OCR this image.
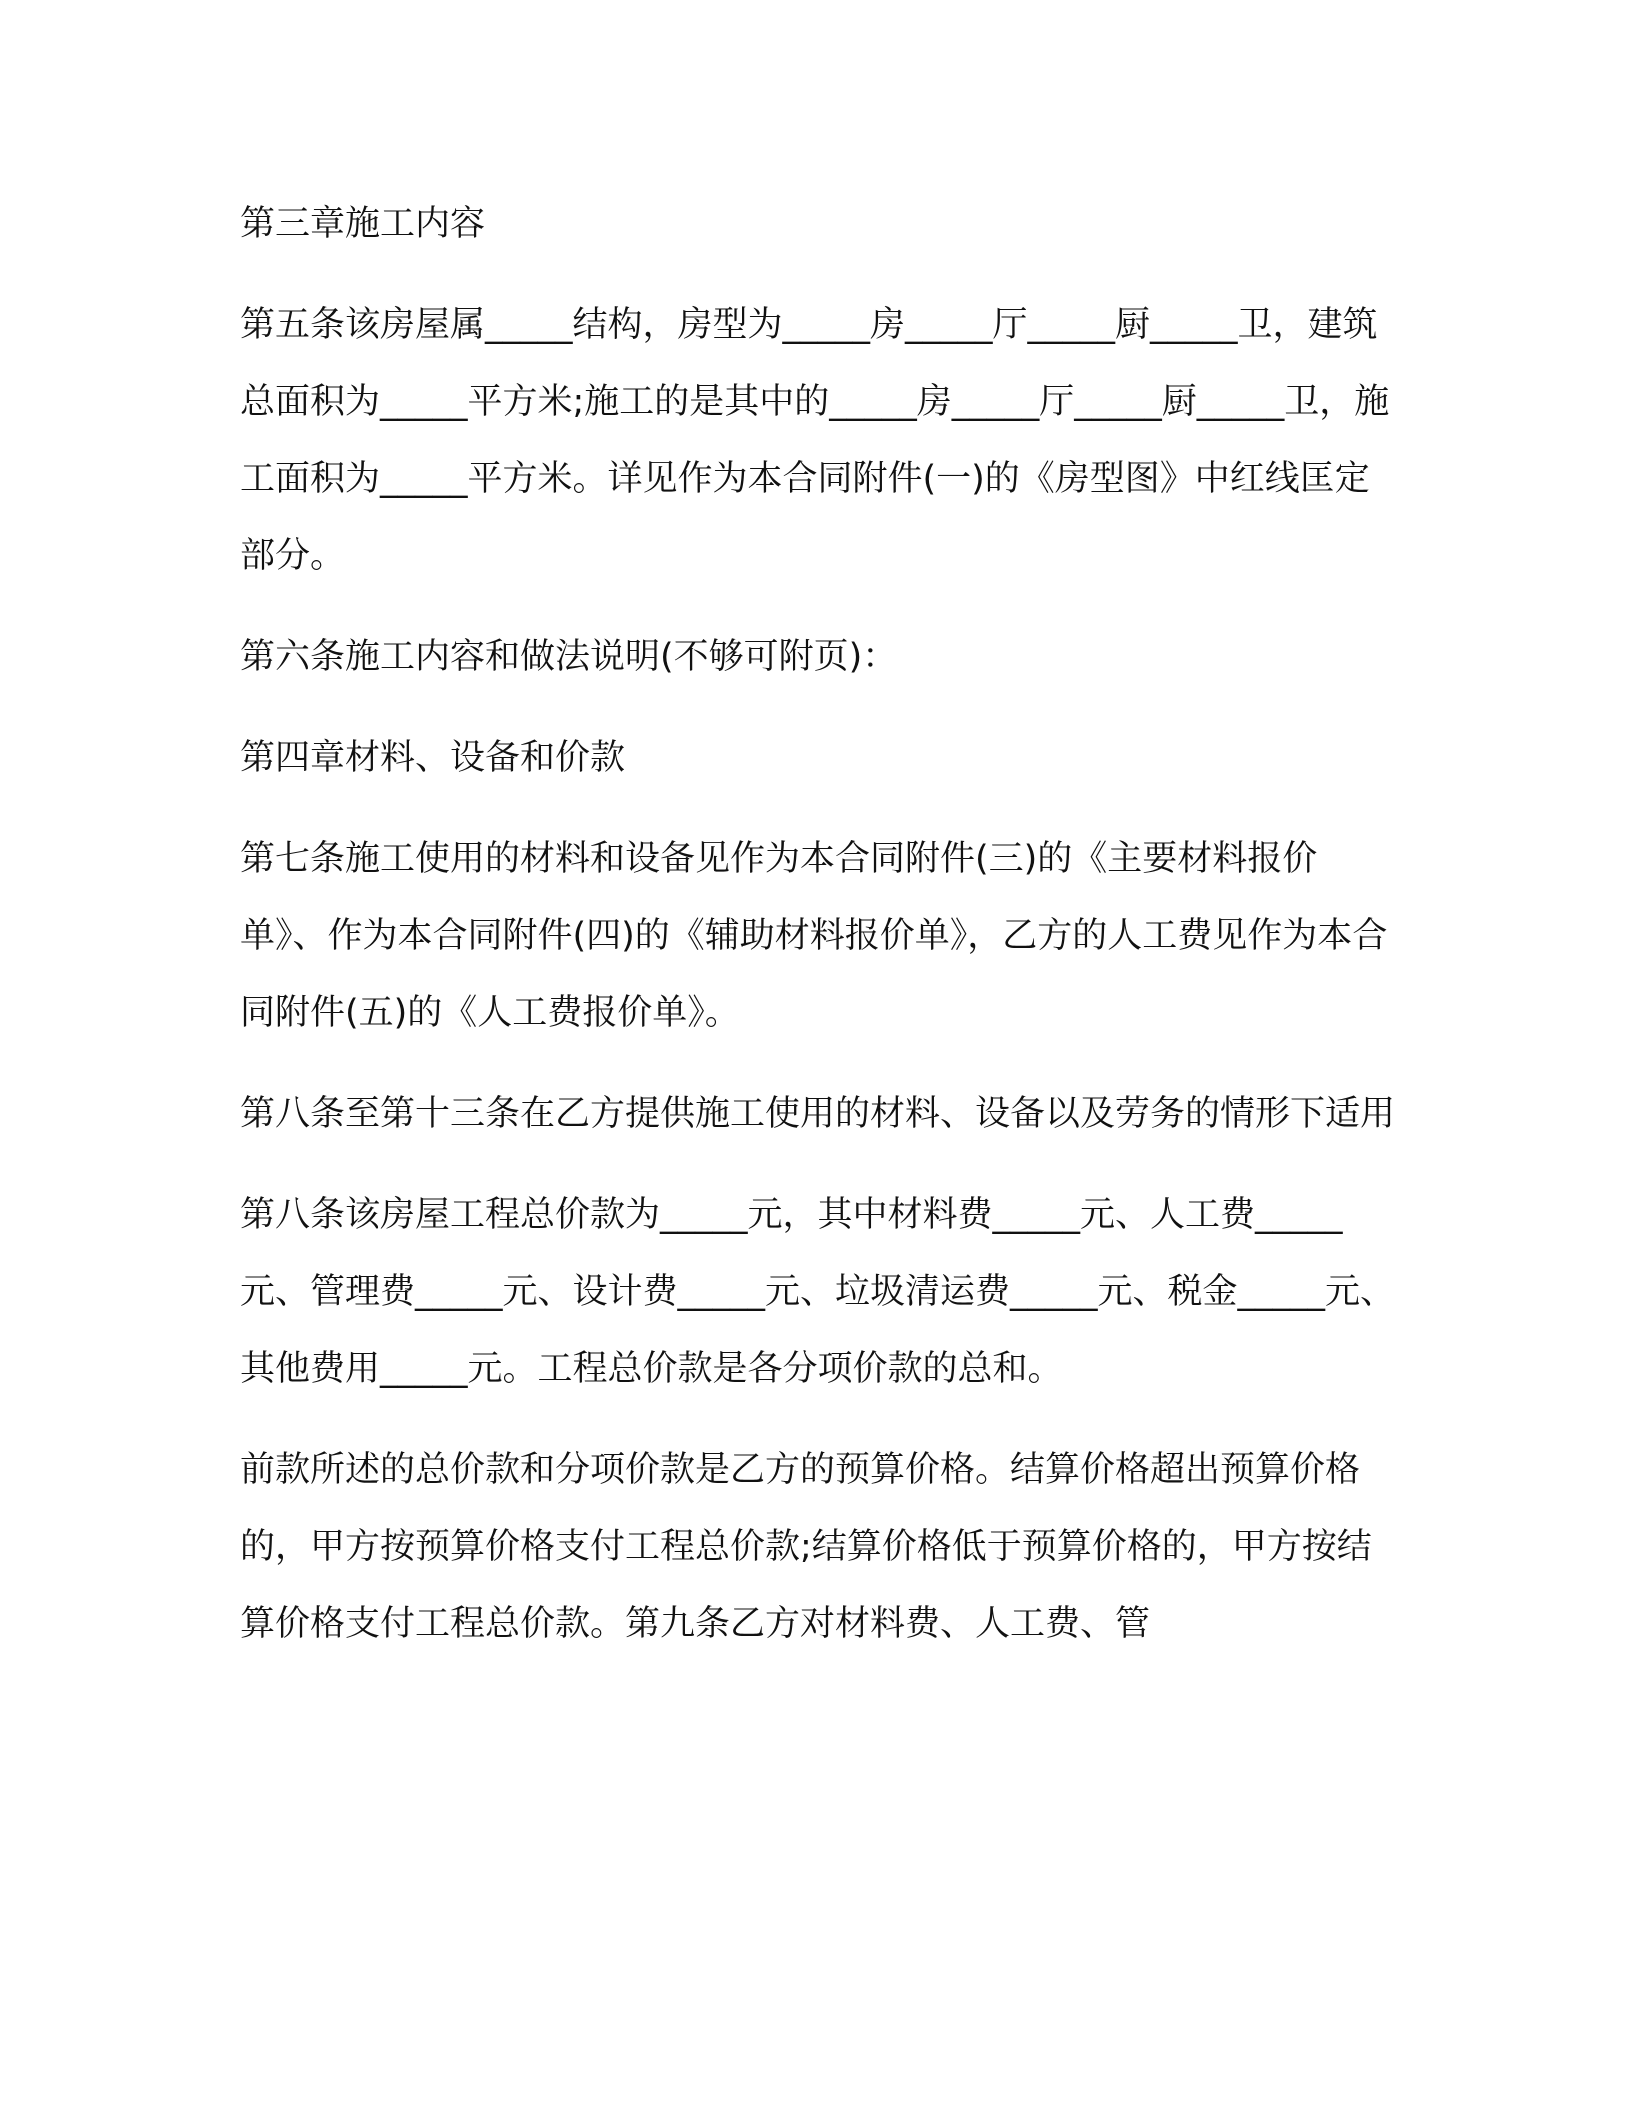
第三章施工内容

第五条该房屋属_____结构，房型为_____房_____厅_____厨_____卫，建筑总面积为_____平方米;施工的是其中的_____房_____厅_____厨_____卫，施工面积为_____平方米。详见作为本合同附件(一)的《房型图》中红线匡定部分。

第六条施工内容和做法说明(不够可附页)：

第四章材料、设备和价款

第七条施工使用的材料和设备见作为本合同附件(三)的《主要材料报价单》、作为本合同附件(四)的《辅助材料报价单》，乙方的人工费见作为本合同附件(五)的《人工费报价单》。

第八条至第十三条在乙方提供施工使用的材料、设备以及劳务的情形下适用

第八条该房屋工程总价款为_____元，其中材料费_____元、人工费_____元、管理费_____元、设计费_____元、垃圾清运费_____元、税金_____元、其他费用_____元。工程总价款是各分项价款的总和。

前款所述的总价款和分项价款是乙方的预算价格。结算价格超出预算价格的，甲方按预算价格支付工程总价款;结算价格低于预算价格的，甲方按结算价格支付工程总价款。第九条乙方对材料费、人工费、管
